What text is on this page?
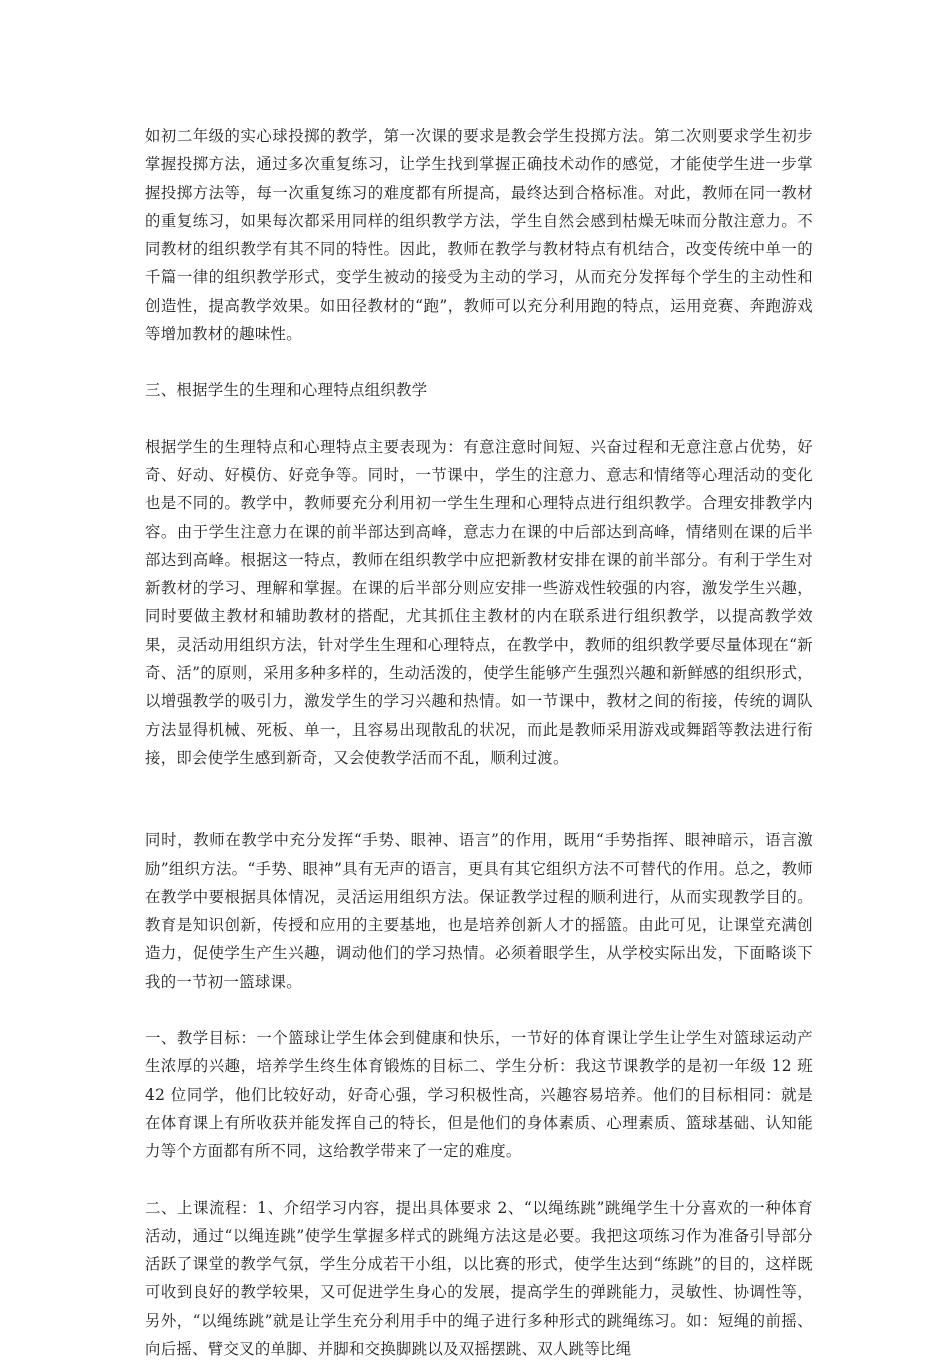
如初二年级的实心球投掷的教学，第一次课的要求是教会学生投掷方法。第二次则要求学生初步掌握投掷方法，通过多次重复练习，让学生找到掌握正确技术动作的感觉，才能使学生进一步掌握投掷方法等，每一次重复练习的难度都有所提高，最终达到合格标准。对此，教师在同一教材的重复练习，如果每次都采用同样的组织教学方法，学生自然会感到枯燥无味而分散注意力。不同教材的组织教学有其不同的特性。因此，教师在教学与教材特点有机结合，改变传统中单一的千篇一律的组织教学形式，变学生被动的接受为主动的学习，从而充分发挥每个学生的主动性和创造性，提高教学效果。如田径教材的“跑”，教师可以充分利用跑的特点，运用竞赛、奔跑游戏等增加教材的趣味性。

三、根据学生的生理和心理特点组织教学

根据学生的生理特点和心理特点主要表现为：有意注意时间短、兴奋过程和无意注意占优势，好奇、好动、好模仿、好竞争等。同时，一节课中，学生的注意力、意志和情绪等心理活动的变化也是不同的。教学中，教师要充分利用初一学生生理和心理特点进行组织教学。合理安排教学内容。由于学生注意力在课的前半部达到高峰，意志力在课的中后部达到高峰，情绪则在课的后半部达到高峰。根据这一特点，教师在组织教学中应把新教材安排在课的前半部分。有利于学生对新教材的学习、理解和掌握。在课的后半部分则应安排一些游戏性较强的内容，激发学生兴趣，同时要做主教材和辅助教材的搭配，尤其抓住主教材的内在联系进行组织教学，以提高教学效果，灵活动用组织方法，针对学生生理和心理特点，在教学中，教师的组织教学要尽量体现在“新奇、活”的原则，采用多种多样的，生动活泼的，使学生能够产生强烈兴趣和新鲜感的组织形式，以增强教学的吸引力，激发学生的学习兴趣和热情。如一节课中，教材之间的衔接，传统的调队方法显得机械、死板、单一，且容易出现散乱的状况，而此是教师采用游戏或舞蹈等教法进行衔接，即会使学生感到新奇，又会使教学活而不乱，顺利过渡。

同时，教师在教学中充分发挥“手势、眼神、语言”的作用，既用“手势指挥、眼神暗示，语言激励”组织方法。“手势、眼神”具有无声的语言，更具有其它组织方法不可替代的作用。总之，教师在教学中要根据具体情况，灵活运用组织方法。保证教学过程的顺利进行，从而实现教学目的。教育是知识创新，传授和应用的主要基地，也是培养创新人才的摇篮。由此可见，让课堂充满创造力，促使学生产生兴趣，调动他们的学习热情。必须着眼学生，从学校实际出发，下面略谈下我的一节初一篮球课。

一、教学目标：一个篮球让学生体会到健康和快乐，一节好的体育课让学生让学生对篮球运动产生浓厚的兴趣，培养学生终生体育锻炼的目标二、学生分析：我这节课教学的是初一年级 12 班 42 位同学，他们比较好动，好奇心强，学习积极性高，兴趣容易培养。他们的目标相同：就是在体育课上有所收获并能发挥自己的特长，但是他们的身体素质、心理素质、篮球基础、认知能力等个方面都有所不同，这给教学带来了一定的难度。

二、上课流程：1、介绍学习内容，提出具体要求 2、“以绳练跳”跳绳学生十分喜欢的一种体育活动，通过“以绳连跳”使学生掌握多样式的跳绳方法这是必要。我把这项练习作为准备引导部分活跃了课堂的教学气氛，学生分成若干小组，以比赛的形式，使学生达到“练跳”的目的，这样既可收到良好的教学较果，又可促进学生身心的发展，提高学生的弹跳能力，灵敏性、协调性等，另外，“以绳练跳”就是让学生充分利用手中的绳子进行多种形式的跳绳练习。如：短绳的前摇、向后摇、臂交叉的单脚、并脚和交换脚跳以及双摇摆跳、双人跳等比绳
